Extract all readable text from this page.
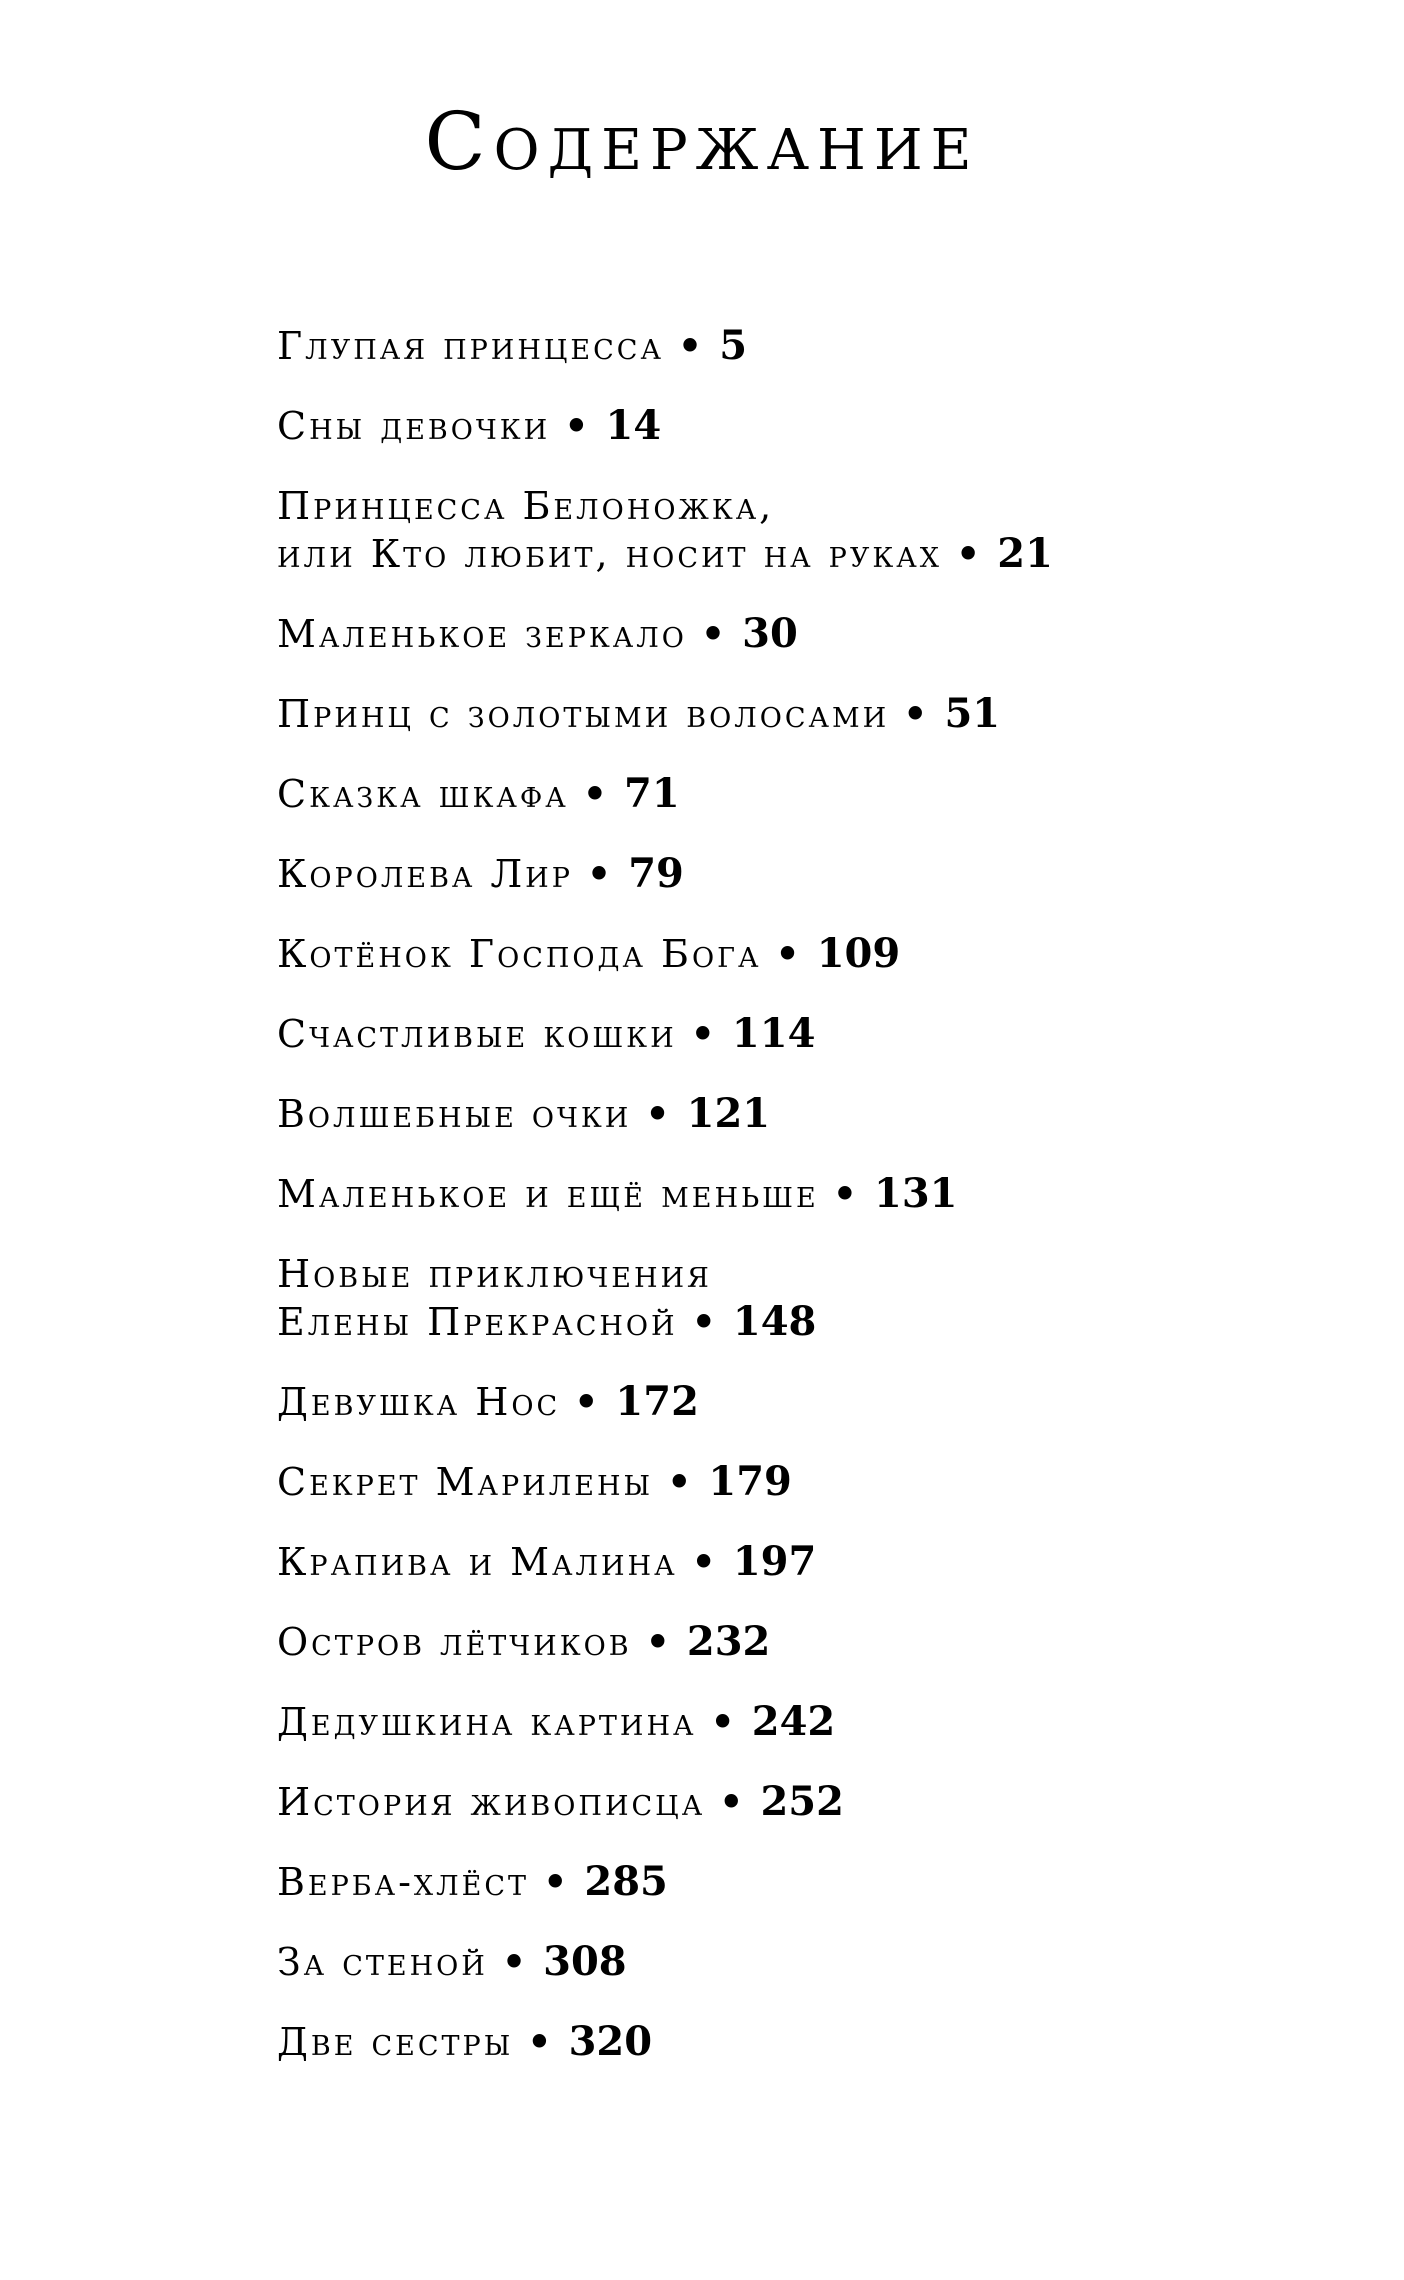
Содержание
Глупая принцесса • 5
Сны девочки • 14
Принцесса Белоножка,
или Кто любит, носит на руках • 21
Маленькое зеркало • 30
Принц с золотыми волосами • 51
Сказка шкафа • 71
Королева Лир • 79
Котёнок Господа Бога • 109
Счастливые кошки • 114
Волшебные очки • 121
Маленькое и ещё меньше • 131
Новые приключения
Елены Прекрасной • 148
Девушка Нос • 172
Секрет Марилены • 179
Крапива и Малина • 197
Остров лётчиков • 232
Дедушкина картина • 242
История живописца • 252
Верба-хлёст • 285
За стеной • 308
Две сестры • 320
